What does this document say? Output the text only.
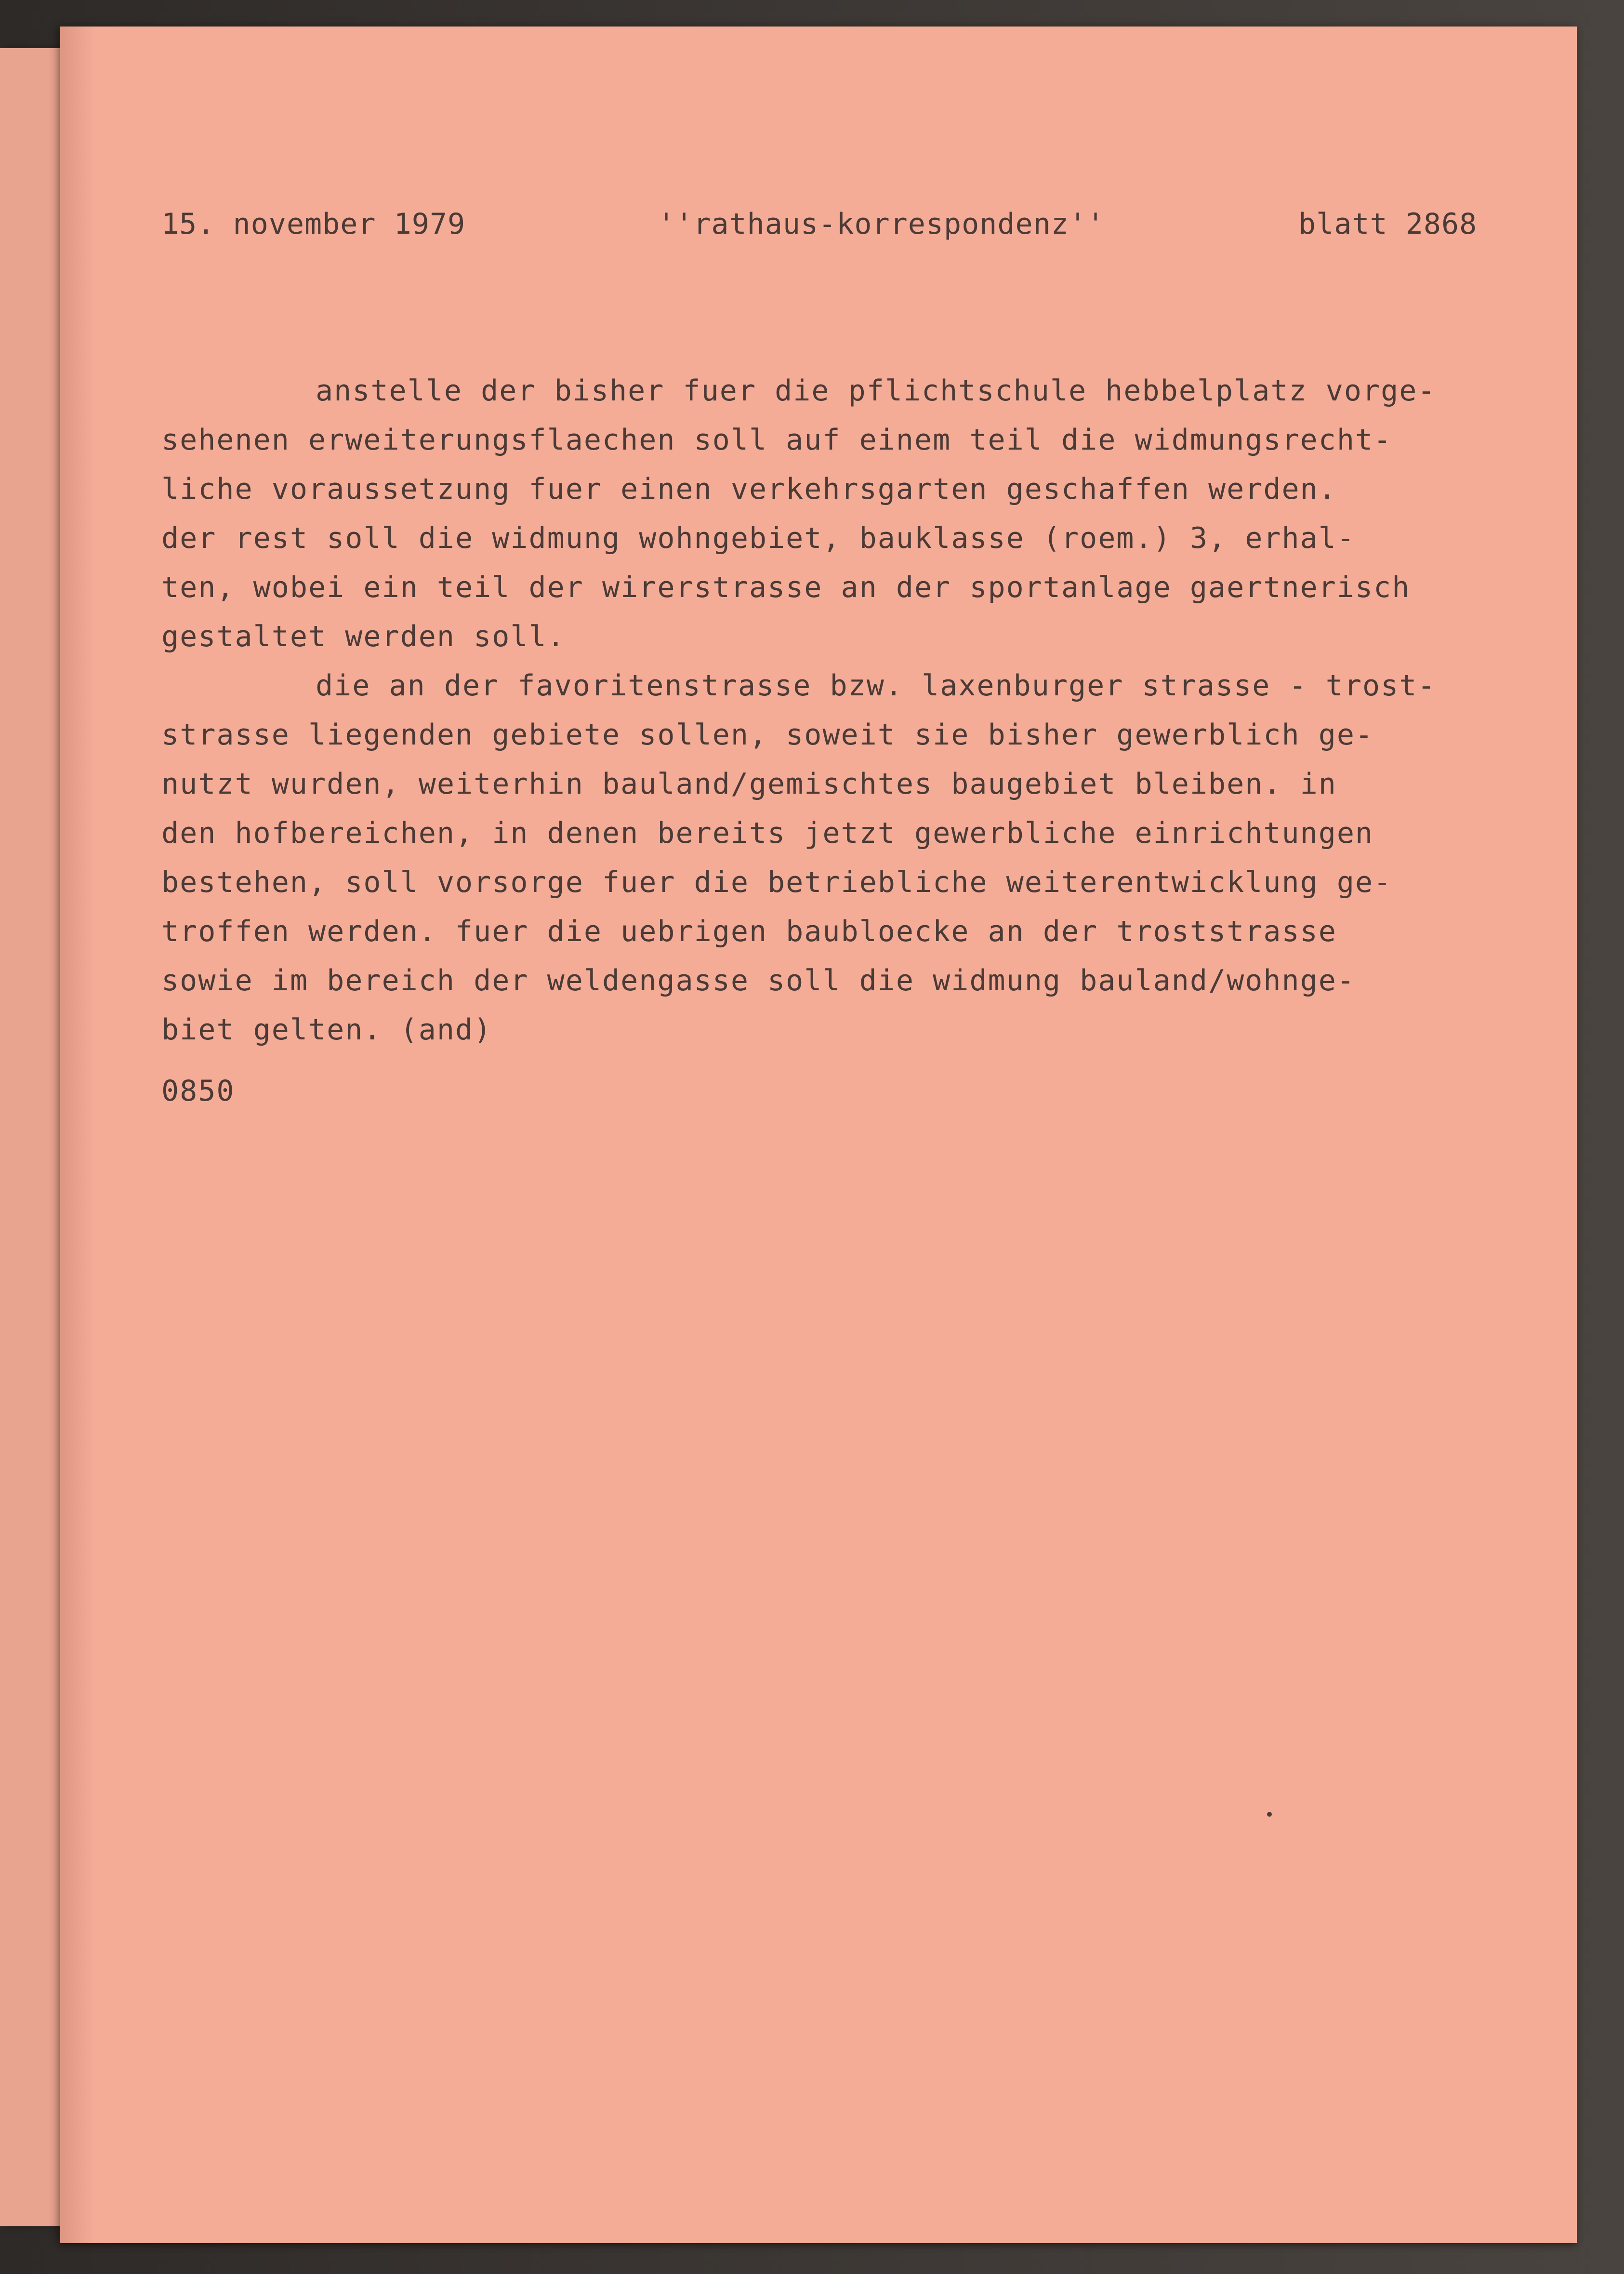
15. november 1979	''rathaus-korrespondenz''	blatt 2868
anstelle der bisher fuer die pflichtschule hebbelplatz vorge-
sehenen erweiterungsflaechen soll auf einem teil die widmungsrecht-
liche voraussetzung fuer einen verkehrsgarten geschaffen werden.
der rest soll die widmung wohngebiet, bauklasse (roem.) 3, erhal-
ten, wobei ein teil der wirerstrasse an der sportanlage gaertnerisch
gestaltet werden soll.
die an der favoritenstrasse bzw. laxenburger strasse - trost-
strasse liegenden gebiete sollen, soweit sie bisher gewerblich ge-
nutzt wurden, weiterhin bauland/gemischtes baugebiet bleiben. in
den hofbereichen, in denen bereits jetzt gewerbliche einrichtungen
bestehen, soll vorsorge fuer die betriebliche weiterentwicklung ge-
troffen werden. fuer die uebrigen baubloecke an der troststrasse
sowie im bereich der weldengasse soll die widmung bauland/wohnge-
biet gelten. (and)
0850
